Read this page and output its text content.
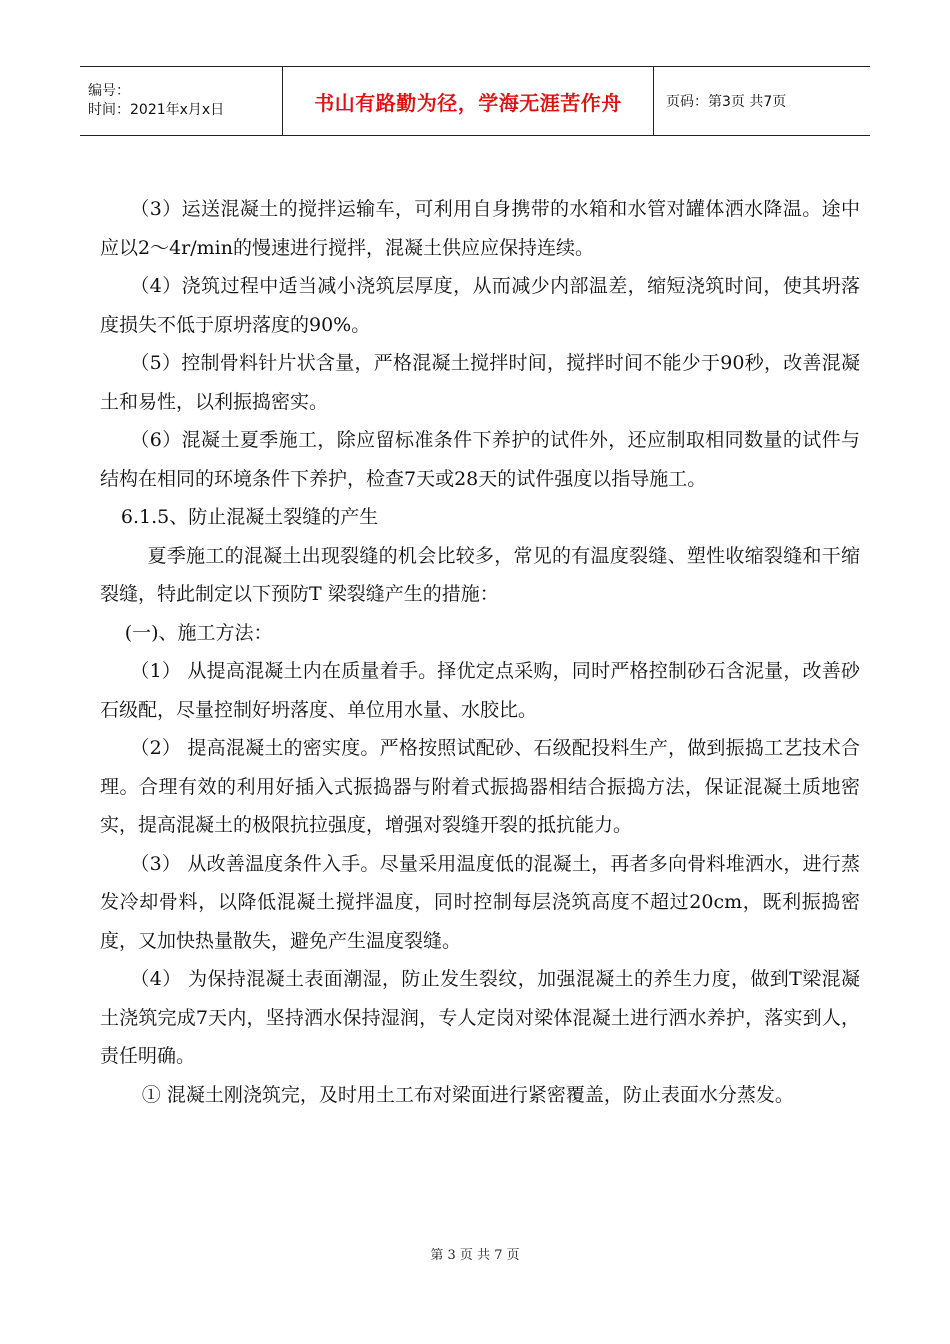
编号：
时间：2021年x月x日	书山有路勤为径，学海无涯苦作舟	页码：第3页 共7页

（3）运送混凝土的搅拌运输车，可利用自身携带的水箱和水管对罐体洒水降温。途中应以2～4r/min的慢速进行搅拌，混凝土供应应保持连续。

（4）浇筑过程中适当减小浇筑层厚度，从而减少内部温差，缩短浇筑时间，使其坍落度损失不低于原坍落度的90%。

（5）控制骨料针片状含量，严格混凝土搅拌时间，搅拌时间不能少于90秒，改善混凝土和易性，以利振捣密实。

（6）混凝土夏季施工，除应留标准条件下养护的试件外，还应制取相同数量的试件与结构在相同的环境条件下养护，检查7天或28天的试件强度以指导施工。

6.1.5、防止混凝土裂缝的产生

夏季施工的混凝土出现裂缝的机会比较多，常见的有温度裂缝、塑性收缩裂缝和干缩裂缝，特此制定以下预防T 梁裂缝产生的措施：

(一)、施工方法：

（1） 从提高混凝土内在质量着手。择优定点采购，同时严格控制砂石含泥量，改善砂石级配，尽量控制好坍落度、单位用水量、水胶比。

（2） 提高混凝土的密实度。严格按照试配砂、石级配投料生产，做到振捣工艺技术合理。合理有效的利用好插入式振捣器与附着式振捣器相结合振捣方法，保证混凝土质地密实，提高混凝土的极限抗拉强度，增强对裂缝开裂的抵抗能力。

（3） 从改善温度条件入手。尽量采用温度低的混凝土，再者多向骨料堆洒水，进行蒸发冷却骨料，以降低混凝土搅拌温度，同时控制每层浇筑高度不超过20cm，既利振捣密度，又加快热量散失，避免产生温度裂缝。

（4） 为保持混凝土表面潮湿，防止发生裂纹，加强混凝土的养生力度，做到T梁混凝土浇筑完成7天内，坚持洒水保持湿润，专人定岗对梁体混凝土进行洒水养护，落实到人，责任明确。

① 混凝土刚浇筑完，及时用土工布对梁面进行紧密覆盖，防止表面水分蒸发。

第 3 页 共 7 页
